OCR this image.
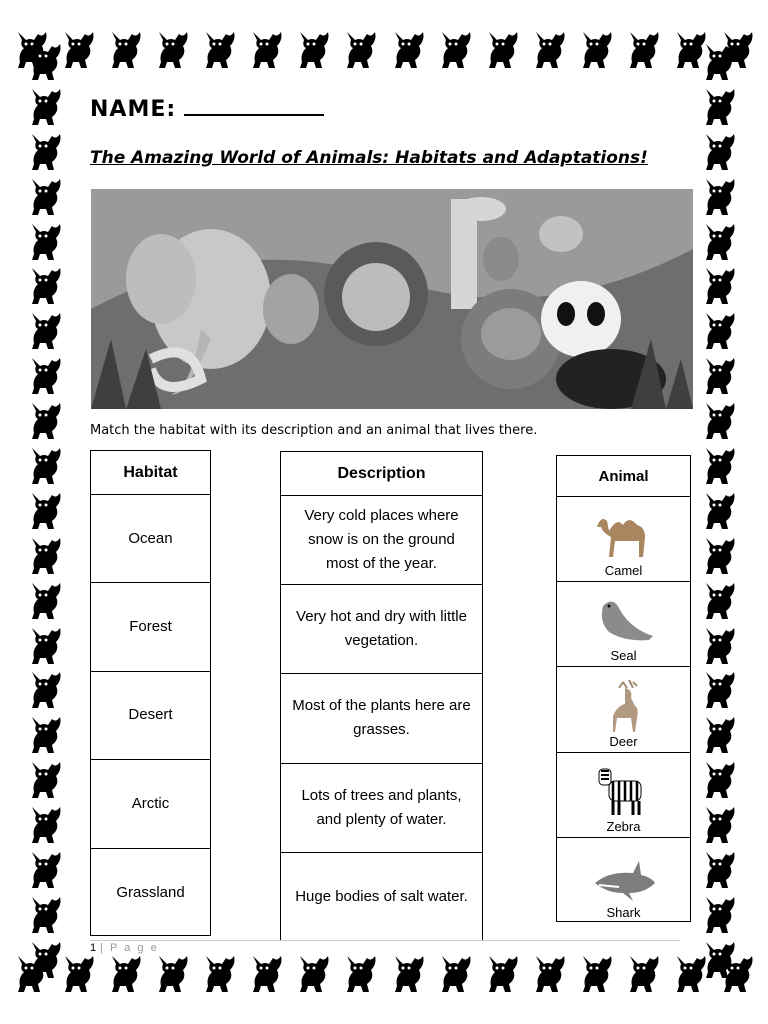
NAME:
The Amazing World of Animals: Habitats and Adaptations!
Match the habitat with its description and an animal that lives there.
Habitat
Ocean
Forest
Desert
Arctic
Grassland
Description
Very cold places where snow is on the ground most of the year.
Very hot and dry with little vegetation.
Most of the plants here are grasses.
Lots of trees and plants, and plenty of water.
Huge bodies of salt water.
Animal
Camel
Seal
Deer
Zebra
Shark
1 | P a g e
